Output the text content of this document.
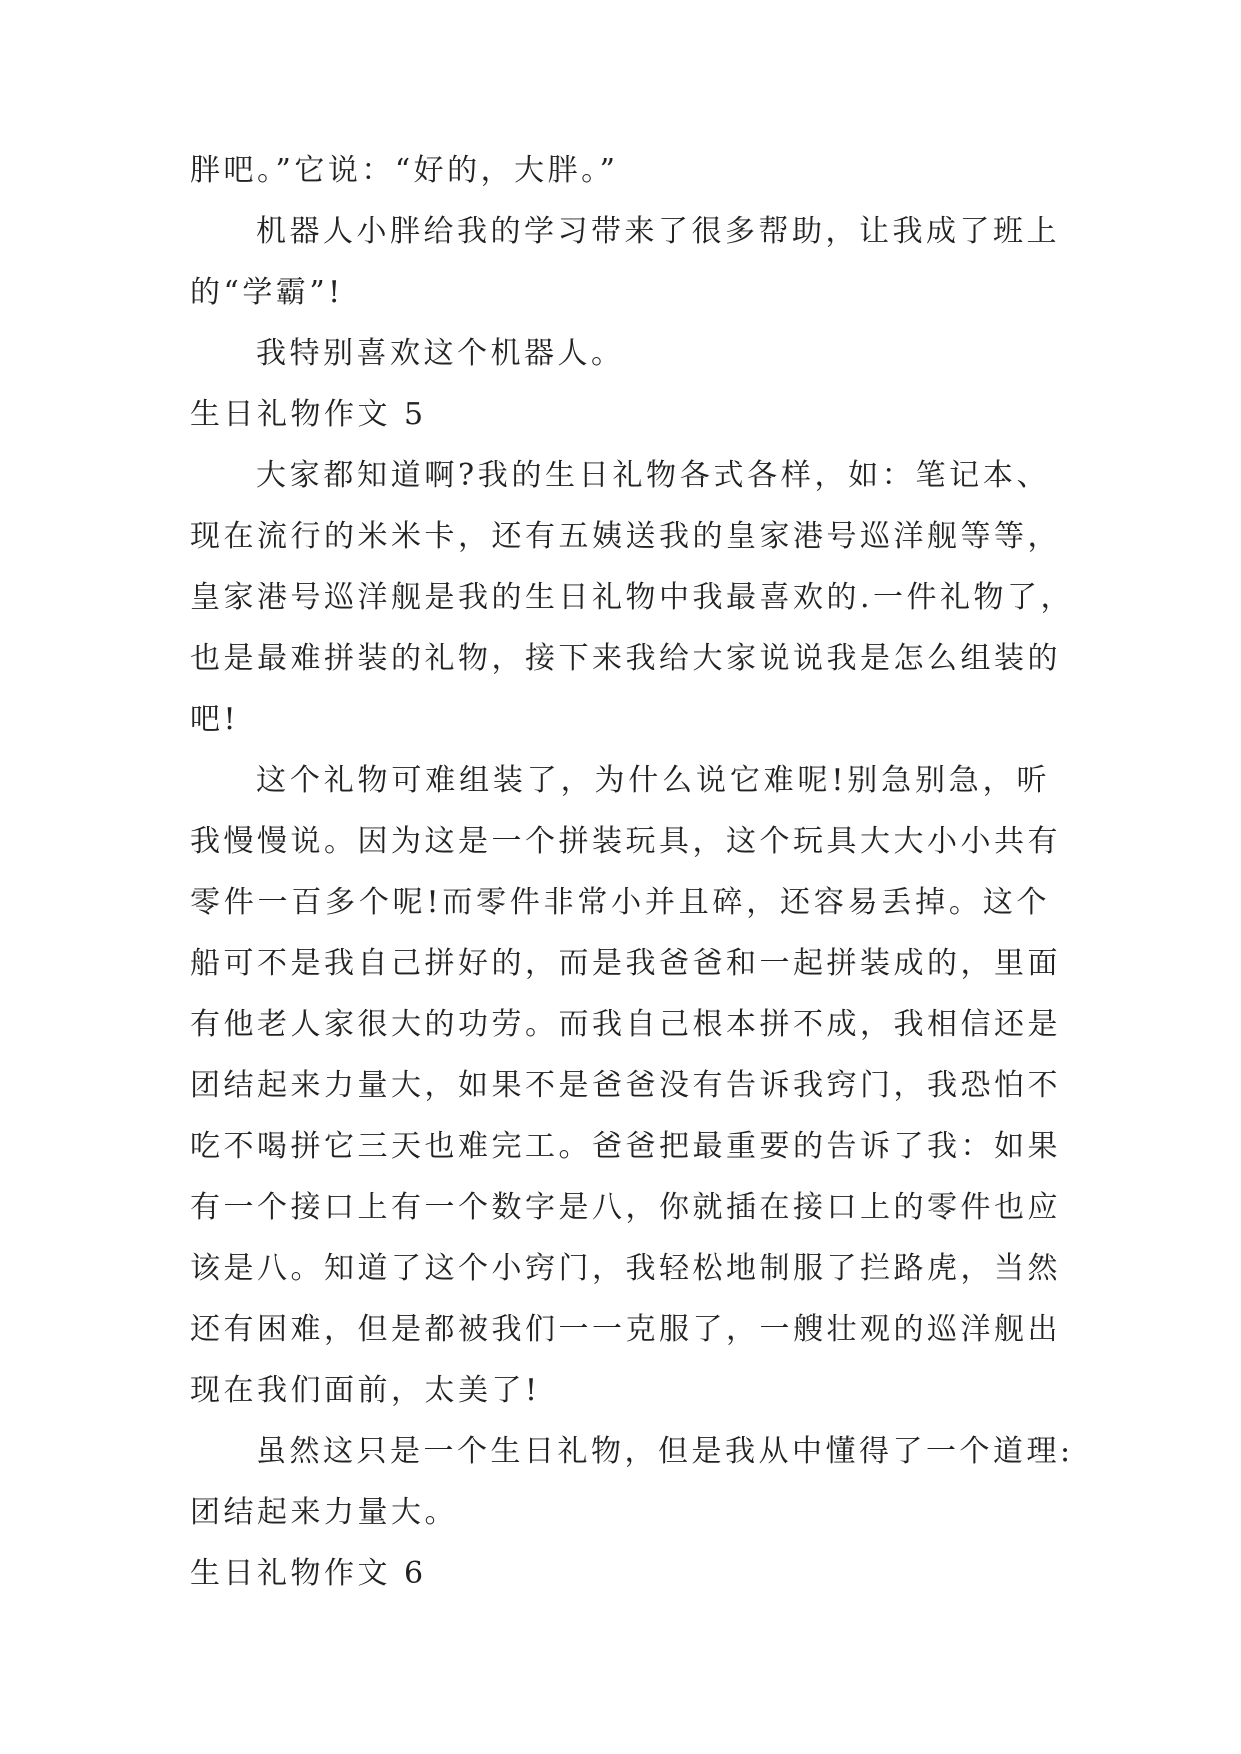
胖吧。”它说：“好的，大胖。”
机器人小胖给我的学习带来了很多帮助，让我成了班上
的“学霸”!
我特别喜欢这个机器人。
生日礼物作文 5
大家都知道啊?我的生日礼物各式各样，如：笔记本、
现在流行的米米卡，还有五姨送我的皇家港号巡洋舰等等，
皇家港号巡洋舰是我的生日礼物中我最喜欢的.一件礼物了，
也是最难拼装的礼物，接下来我给大家说说我是怎么组装的
吧!
这个礼物可难组装了，为什么说它难呢!别急别急，听
我慢慢说。因为这是一个拼装玩具，这个玩具大大小小共有
零件一百多个呢!而零件非常小并且碎，还容易丢掉。这个
船可不是我自己拼好的，而是我爸爸和一起拼装成的，里面
有他老人家很大的功劳。而我自己根本拼不成，我相信还是
团结起来力量大，如果不是爸爸没有告诉我窍门，我恐怕不
吃不喝拼它三天也难完工。爸爸把最重要的告诉了我：如果
有一个接口上有一个数字是八，你就插在接口上的零件也应
该是八。知道了这个小窍门，我轻松地制服了拦路虎，当然
还有困难，但是都被我们一一克服了，一艘壮观的巡洋舰出
现在我们面前，太美了!
虽然这只是一个生日礼物，但是我从中懂得了一个道理:
团结起来力量大。
生日礼物作文 6
